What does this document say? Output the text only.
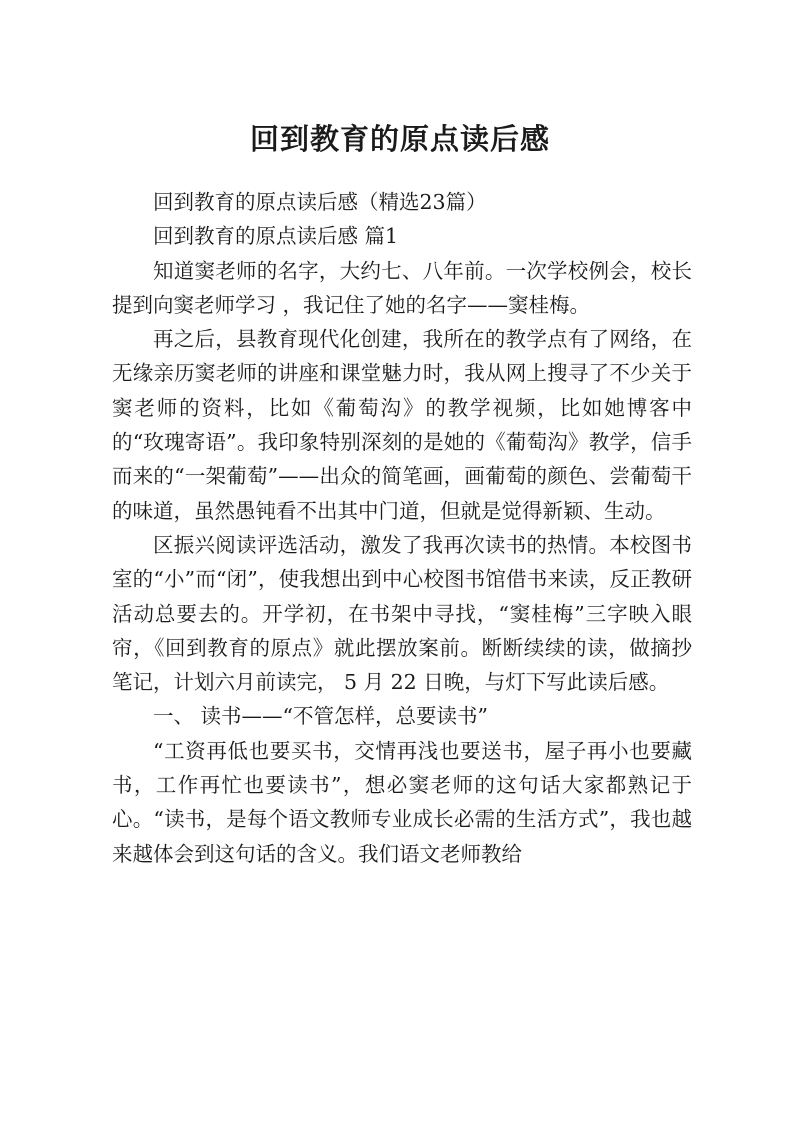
回到教育的原点读后感

回到教育的原点读后感（精选23篇）

回到教育的原点读后感 篇1

知道窦老师的名字，大约七、八年前。一次学校例会，校长提到向窦老师学习 ，我记住了她的名字——窦桂梅。

再之后，县教育现代化创建，我所在的教学点有了网络，在无缘亲历窦老师的讲座和课堂魅力时，我从网上搜寻了不少关于窦老师的资料，比如《葡萄沟》的教学视频，比如她博客中的“玫瑰寄语”。我印象特别深刻的是她的《葡萄沟》教学，信手而来的“一架葡萄”——出众的简笔画，画葡萄的颜色、尝葡萄干的味道，虽然愚钝看不出其中门道，但就是觉得新颖、生动。

区振兴阅读评选活动，激发了我再次读书的热情。本校图书室的“小”而“闭”，使我想出到中心校图书馆借书来读，反正教研活动总要去的。开学初，在书架中寻找，“窦桂梅”三字映入眼帘，《回到教育的原点》就此摆放案前。断断续续的读，做摘抄笔记，计划六月前读完， 5 月 22 日晚，与灯下写此读后感。

一、 读书——“不管怎样，总要读书”

“工资再低也要买书，交情再浅也要送书，屋子再小也要藏书，工作再忙也要读书”，想必窦老师的这句话大家都熟记于心。“读书，是每个语文教师专业成长必需的生活方式”，我也越来越体会到这句话的含义。我们语文老师教给
